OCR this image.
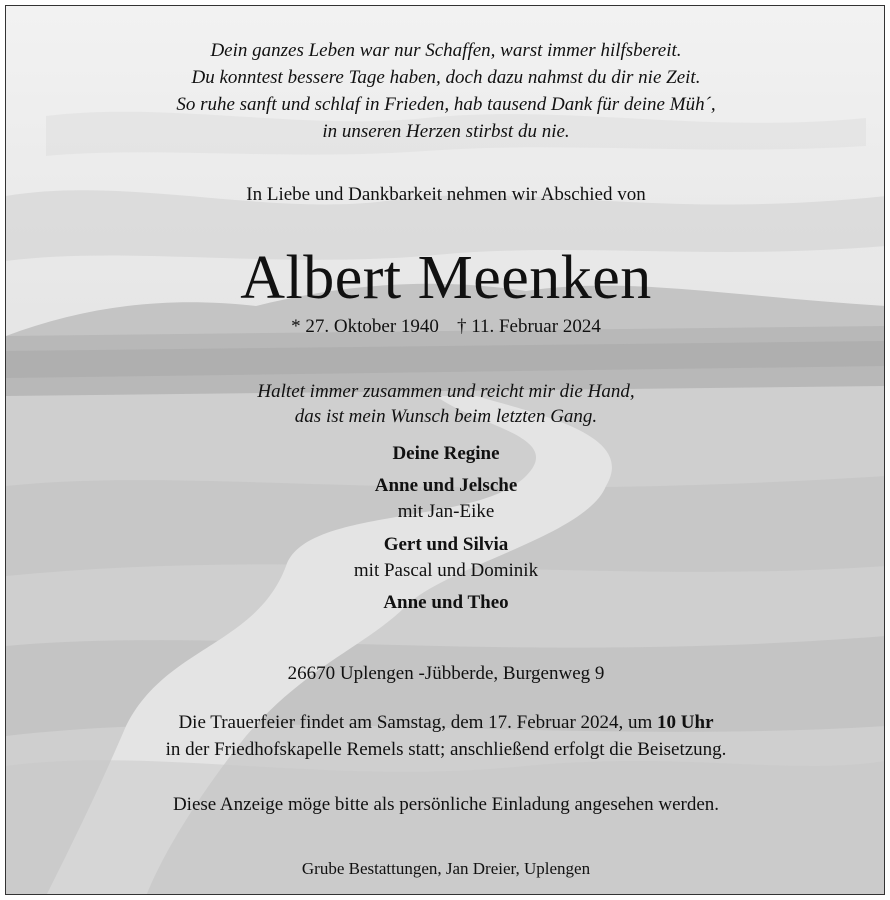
Dein ganzes Leben war nur Schaffen, warst immer hilfsbereit.
Du konntest bessere Tage haben, doch dazu nahmst du dir nie Zeit.
So ruhe sanft und schlaf in Frieden, hab tausend Dank für deine Müh´,
in unseren Herzen stirbst du nie.
In Liebe und Dankbarkeit nehmen wir Abschied von
Albert Meenken
* 27. Oktober 1940 † 11. Februar 2024
Haltet immer zusammen und reicht mir die Hand,
das ist mein Wunsch beim letzten Gang.
Deine Regine
Anne und Jelsche
mit Jan-Eike
Gert und Silvia
mit Pascal und Dominik
Anne und Theo
26670 Uplengen -Jübberde, Burgenweg 9
Die Trauerfeier findet am Samstag, dem 17. Februar 2024, um 10 Uhr
in der Friedhofskapelle Remels statt; anschließend erfolgt die Beisetzung.
Diese Anzeige möge bitte als persönliche Einladung angesehen werden.
Grube Bestattungen, Jan Dreier, Uplengen
